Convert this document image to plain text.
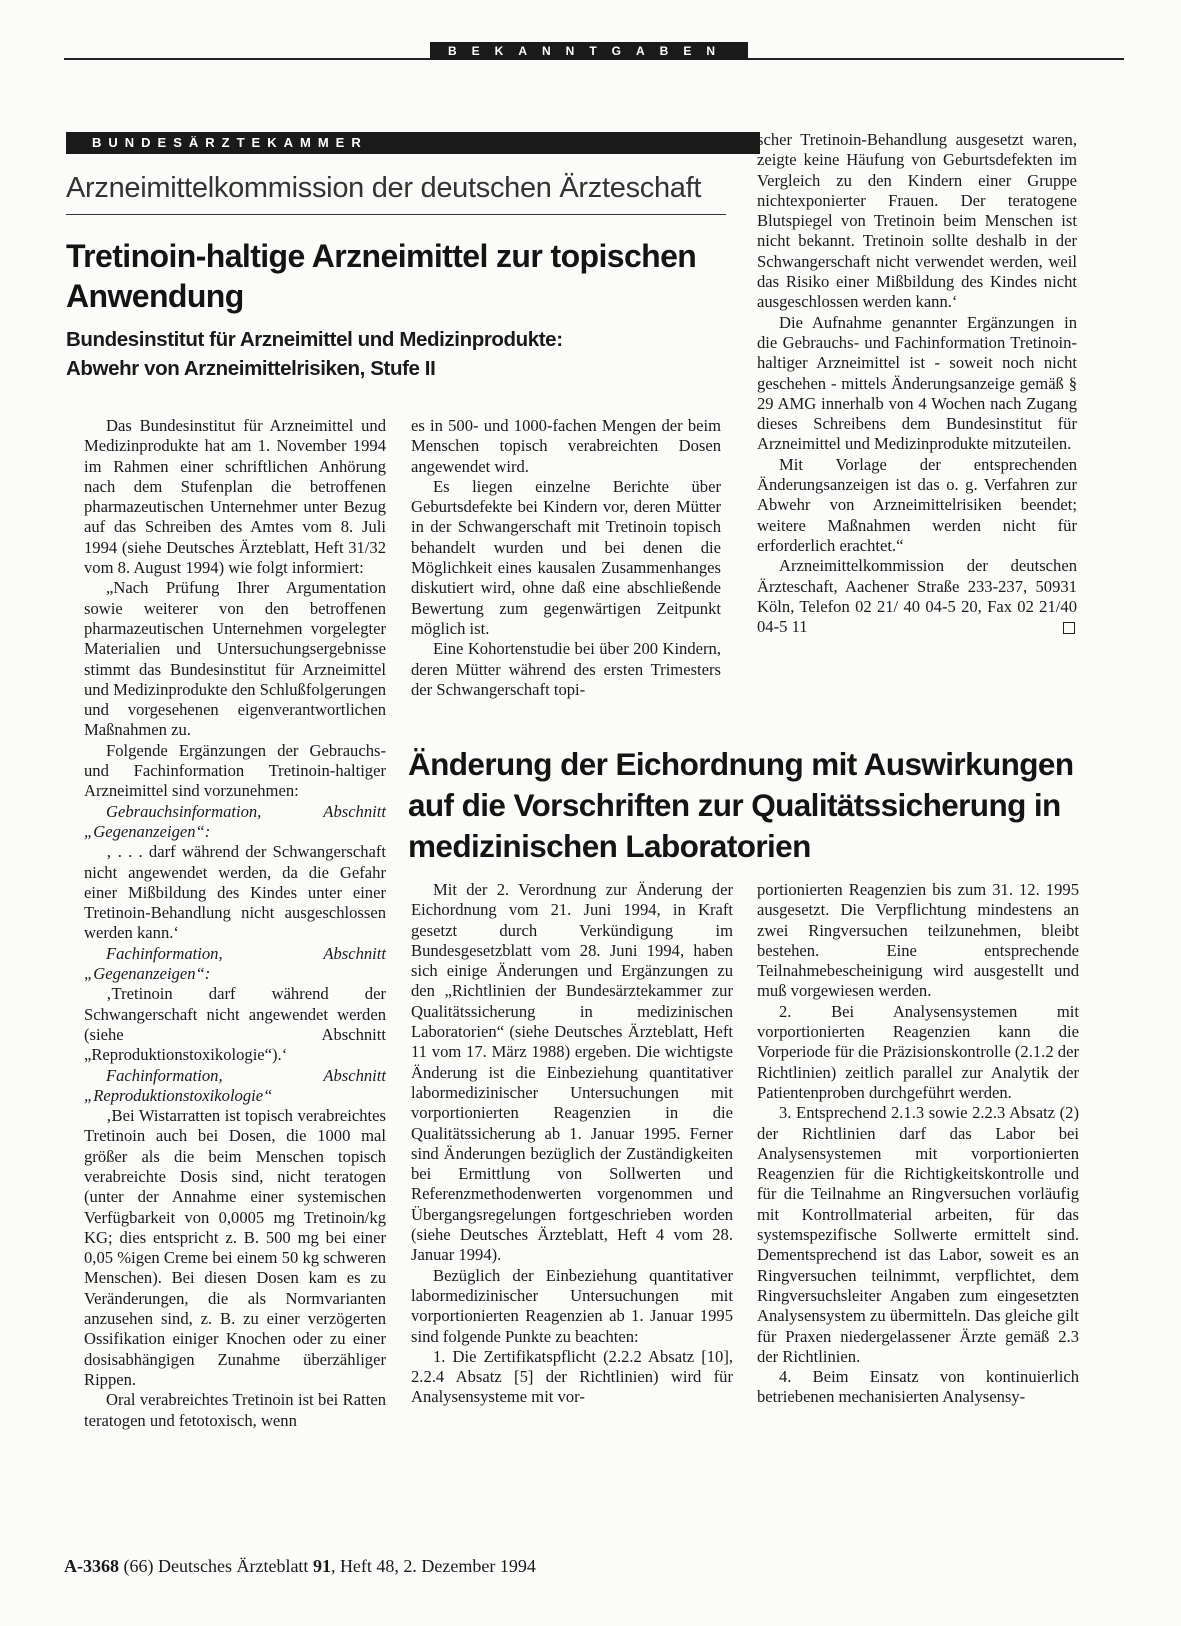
BEKANNTGABEN
BUNDESÄRZTEKAMMER
Arzneimittelkommission der deutschen Ärzteschaft
Tretinoin-haltige Arzneimittel zur topischen Anwendung
Bundesinstitut für Arzneimittel und Medizinprodukte:
Abwehr von Arzneimittelrisiken, Stufe II

Das Bundesinstitut für Arzneimittel und Medizinprodukte hat am 1. November 1994 im Rahmen einer schriftlichen Anhörung nach dem Stufenplan die betroffenen pharmazeutischen Unternehmer unter Bezug auf das Schreiben des Amtes vom 8. Juli 1994 (siehe Deutsches Ärzteblatt, Heft 31/32 vom 8. August 1994) wie folgt informiert:

„Nach Prüfung Ihrer Argumentation sowie weiterer von den betroffenen pharmazeutischen Unternehmen vorgelegter Materialien und Untersuchungsergebnisse stimmt das Bundesinstitut für Arzneimittel und Medizinprodukte den Schlußfolgerungen und vorgesehenen eigenverantwortlichen Maßnahmen zu.

Folgende Ergänzungen der Gebrauchs- und Fachinformation Tretinoin-haltiger Arzneimittel sind vorzunehmen:

Gebrauchsinformation, Abschnitt „Gegenanzeigen“:

‚ . . . darf während der Schwangerschaft nicht angewendet werden, da die Gefahr einer Mißbildung des Kindes unter einer Tretinoin-Behandlung nicht ausgeschlossen werden kann.‘

Fachinformation, Abschnitt „Gegenanzeigen“:

‚Tretinoin darf während der Schwangerschaft nicht angewendet werden (siehe Abschnitt „Reproduktionstoxikologie“).‘

Fachinformation, Abschnitt „Reproduktionstoxikologie“

‚Bei Wistarratten ist topisch verabreichtes Tretinoin auch bei Dosen, die 1000 mal größer als die beim Menschen topisch verabreichte Dosis sind, nicht teratogen (unter der Annahme einer systemischen Verfügbarkeit von 0,0005 mg Tretinoin/kg KG; dies entspricht z. B. 500 mg bei einer 0,05 %igen Creme bei einem 50 kg schweren Menschen). Bei diesen Dosen kam es zu Veränderungen, die als Normvarianten anzusehen sind, z. B. zu einer verzögerten Ossifikation einiger Knochen oder zu einer dosisabhängigen Zunahme überzähliger Rippen.

Oral verabreichtes Tretinoin ist bei Ratten teratogen und fetotoxisch, wenn

es in 500- und 1000-fachen Mengen der beim Menschen topisch verabreichten Dosen angewendet wird.

Es liegen einzelne Berichte über Geburtsdefekte bei Kindern vor, deren Mütter in der Schwangerschaft mit Tretinoin topisch behandelt wurden und bei denen die Möglichkeit eines kausalen Zusammenhanges diskutiert wird, ohne daß eine abschließende Bewertung zum gegenwärtigen Zeitpunkt möglich ist.

Eine Kohortenstudie bei über 200 Kindern, deren Mütter während des ersten Trimesters der Schwangerschaft topi-

scher Tretinoin-Behandlung ausgesetzt waren, zeigte keine Häufung von Geburtsdefekten im Vergleich zu den Kindern einer Gruppe nichtexponierter Frauen. Der teratogene Blutspiegel von Tretinoin beim Menschen ist nicht bekannt. Tretinoin sollte deshalb in der Schwangerschaft nicht verwendet werden, weil das Risiko einer Mißbildung des Kindes nicht ausgeschlossen werden kann.‘

Die Aufnahme genannter Ergänzungen in die Gebrauchs- und Fachinformation Tretinoin-haltiger Arzneimittel ist - soweit noch nicht geschehen - mittels Änderungsanzeige gemäß § 29 AMG innerhalb von 4 Wochen nach Zugang dieses Schreibens dem Bundesinstitut für Arzneimittel und Medizinprodukte mitzuteilen.

Mit Vorlage der entsprechenden Änderungsanzeigen ist das o. g. Verfahren zur Abwehr von Arzneimittelrisiken beendet; weitere Maßnahmen werden nicht für erforderlich erachtet.“

Arzneimittelkommission der deutschen Ärzteschaft, Aachener Straße 233-237, 50931 Köln, Telefon 02 21/ 40 04-5 20, Fax 02 21/40 04-5 11

Änderung der Eichordnung mit Auswirkungen auf die Vorschriften zur Qualitätssicherung in medizinischen Laboratorien

Mit der 2. Verordnung zur Änderung der Eichordnung vom 21. Juni 1994, in Kraft gesetzt durch Verkündigung im Bundesgesetzblatt vom 28. Juni 1994, haben sich einige Änderungen und Ergänzungen zu den „Richtlinien der Bundesärztekammer zur Qualitätssicherung in medizinischen Laboratorien“ (siehe Deutsches Ärzteblatt, Heft 11 vom 17. März 1988) ergeben. Die wichtigste Änderung ist die Einbeziehung quantitativer labormedizinischer Untersuchungen mit vorportionierten Reagenzien in die Qualitätssicherung ab 1. Januar 1995. Ferner sind Änderungen bezüglich der Zuständigkeiten bei Ermittlung von Sollwerten und Referenzmethodenwerten vorgenommen und Übergangsregelungen fortgeschrieben worden (siehe Deutsches Ärzteblatt, Heft 4 vom 28. Januar 1994).

Bezüglich der Einbeziehung quantitativer labormedizinischer Untersuchungen mit vorportionierten Reagenzien ab 1. Januar 1995 sind folgende Punkte zu beachten:

1. Die Zertifikatspflicht (2.2.2 Absatz [10], 2.2.4 Absatz [5] der Richtlinien) wird für Analysensysteme mit vor-

portionierten Reagenzien bis zum 31. 12. 1995 ausgesetzt. Die Verpflichtung mindestens an zwei Ringversuchen teilzunehmen, bleibt bestehen. Eine entsprechende Teilnahmebescheinigung wird ausgestellt und muß vorgewiesen werden.

2. Bei Analysensystemen mit vorportionierten Reagenzien kann die Vorperiode für die Präzisionskontrolle (2.1.2 der Richtlinien) zeitlich parallel zur Analytik der Patientenproben durchgeführt werden.

3. Entsprechend 2.1.3 sowie 2.2.3 Absatz (2) der Richtlinien darf das Labor bei Analysensystemen mit vorportionierten Reagenzien für die Richtigkeitskontrolle und für die Teilnahme an Ringversuchen vorläufig mit Kontrollmaterial arbeiten, für das systemspezifische Sollwerte ermittelt sind. Dementsprechend ist das Labor, soweit es an Ringversuchen teilnimmt, verpflichtet, dem Ringversuchsleiter Angaben zum eingesetzten Analysensystem zu übermitteln. Das gleiche gilt für Praxen niedergelassener Ärzte gemäß 2.3 der Richtlinien.

4. Beim Einsatz von kontinuierlich betriebenen mechanisierten Analysensy-

A-3368 (66) Deutsches Ärzteblatt 91, Heft 48, 2. Dezember 1994
